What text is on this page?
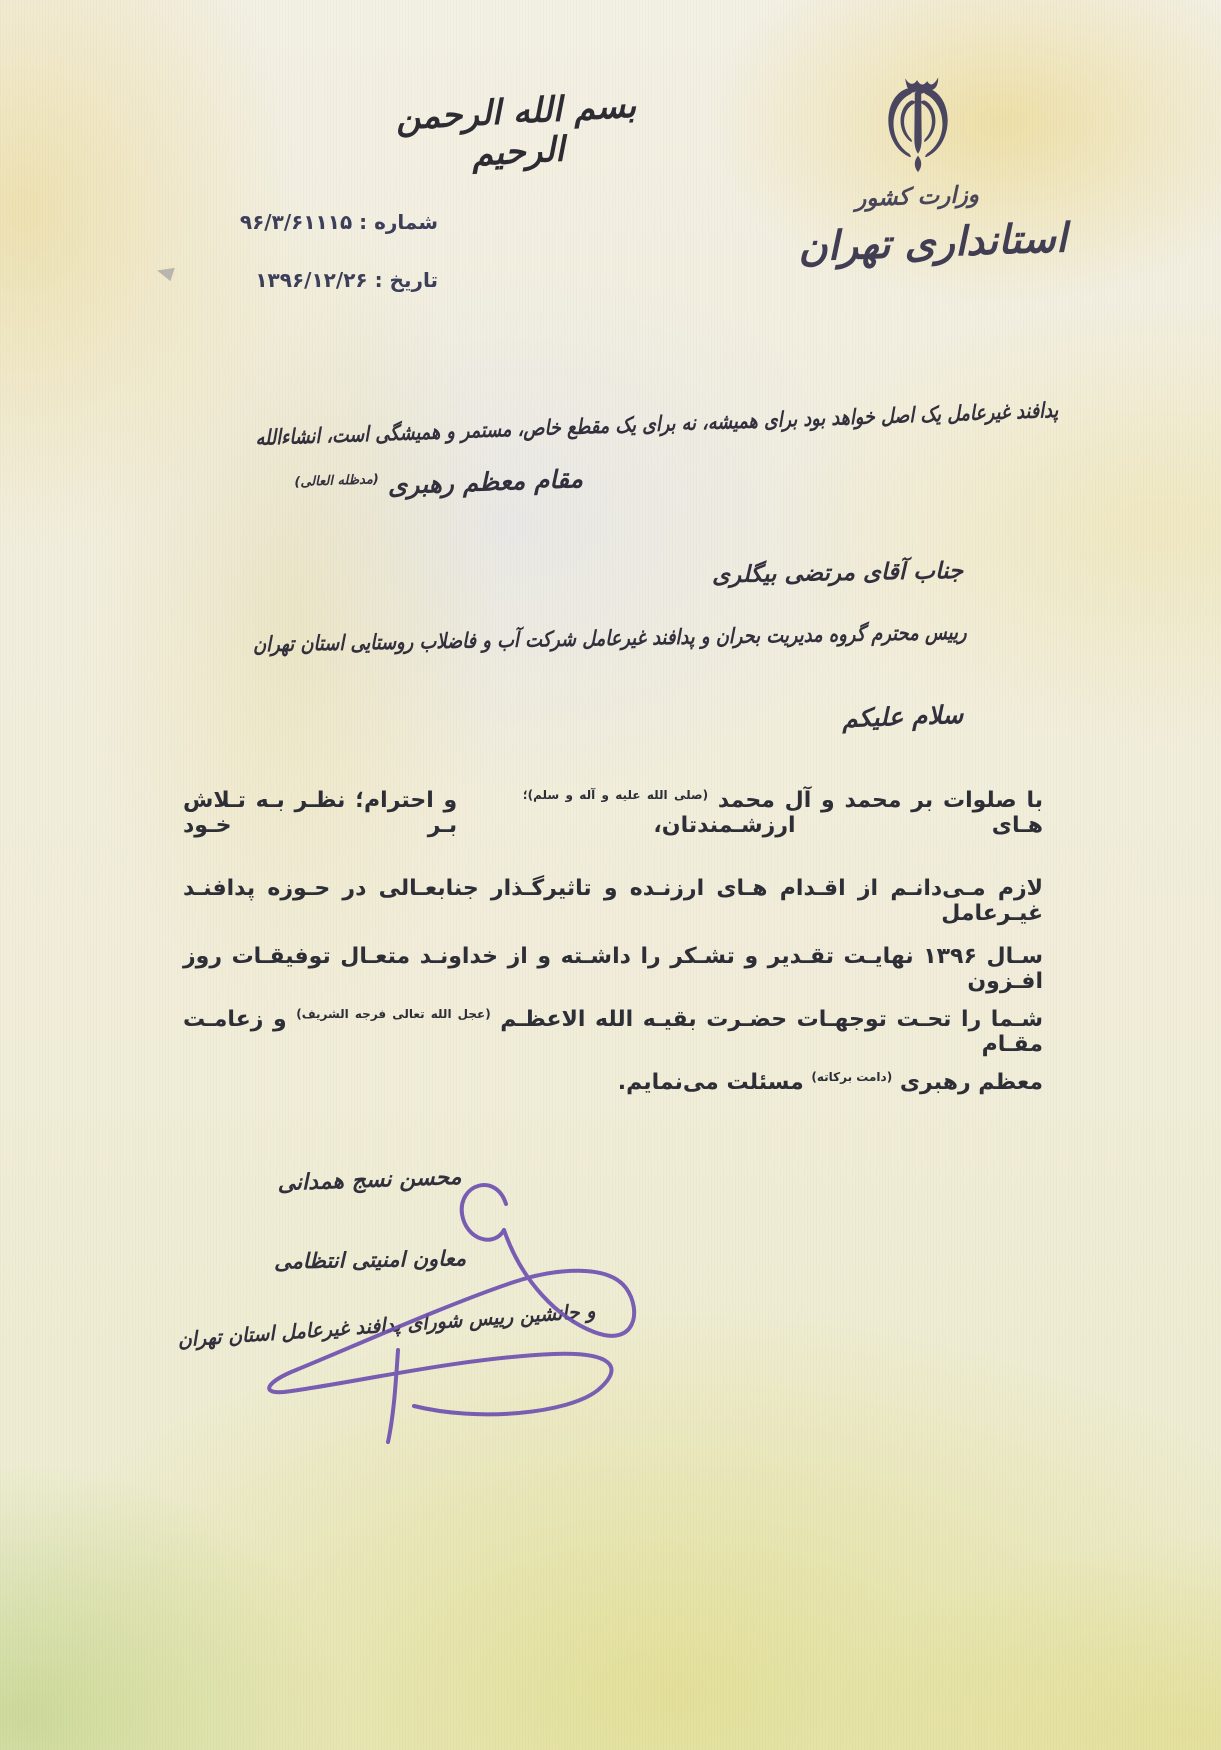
بسم الله الرحمن الرحیم
وزارت کشور
استانداری تهران
شماره : ۹۶/۳/۶۱۱۱۵
تاریخ : ۱۳۹۶/۱۲/۲۶
پدافند غیرعامل یک اصل خواهد بود برای همیشه، نه برای یک مقطع خاص، مستمر و همیشگی است، انشاءالله
مقام معظم رهبری $^{(مدظله العالی)}$
جناب آقای مرتضی بیگلری
رییس محترم گروه مدیریت بحران و پدافند غیرعامل شرکت آب و فاضلاب روستایی استان تهران
سلام علیکم
با صلوات بر محمد و آل محمد $^{(صلی الله علیه و آله و سلم)؛}$  و احترام؛ نظـر بـه تـلاش هـای ارزشـمندتان، بـر خـود
لازم مـی‌دانـم از اقـدام هـای ارزنـده و تاثیرگـذار جنابعـالی در حـوزه پدافنـد غیـرعامل
سـال ۱۳۹۶ نهایـت تقـدیر و تشـکر را داشـته و از خداونـد متعـال توفیقـات روز افـزون
شـما را تحـت توجهـات حضـرت بقیـه الله الاعظـم $^{(عجل الله تعالی فرجه الشریف)}$ و زعامـت مقـام
معظم رهبری $^{(دامت برکاته)}$ مسئلت می‌نمایم.
محسن نسج همدانی
معاون امنیتی انتظامی
و جانشین رییس شورای پدافند غیرعامل استان تهران
